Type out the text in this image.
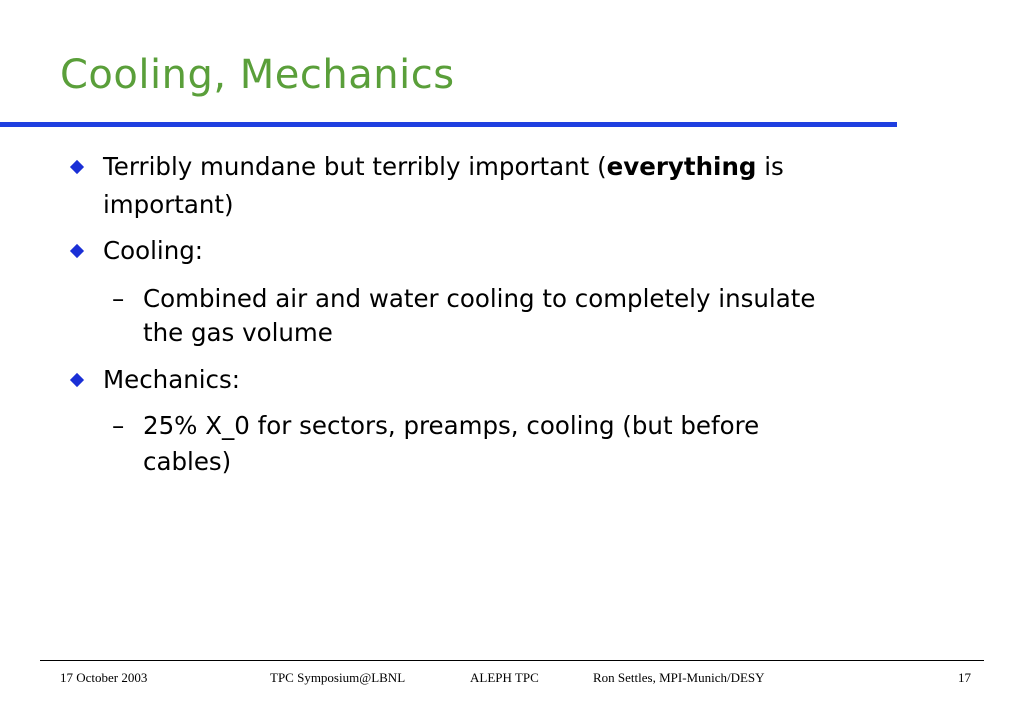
Cooling, Mechanics
Terribly mundane but terribly important (everything is
important)
Cooling:
– Combined air and water cooling to completely insulate
the gas volume
Mechanics:
– 25% X_0 for sectors, preamps, cooling (but before
cables)
17 October 2003	TPC Symposium@LBNL	ALEPH TPC	Ron Settles, MPI-Munich/DESY	17
